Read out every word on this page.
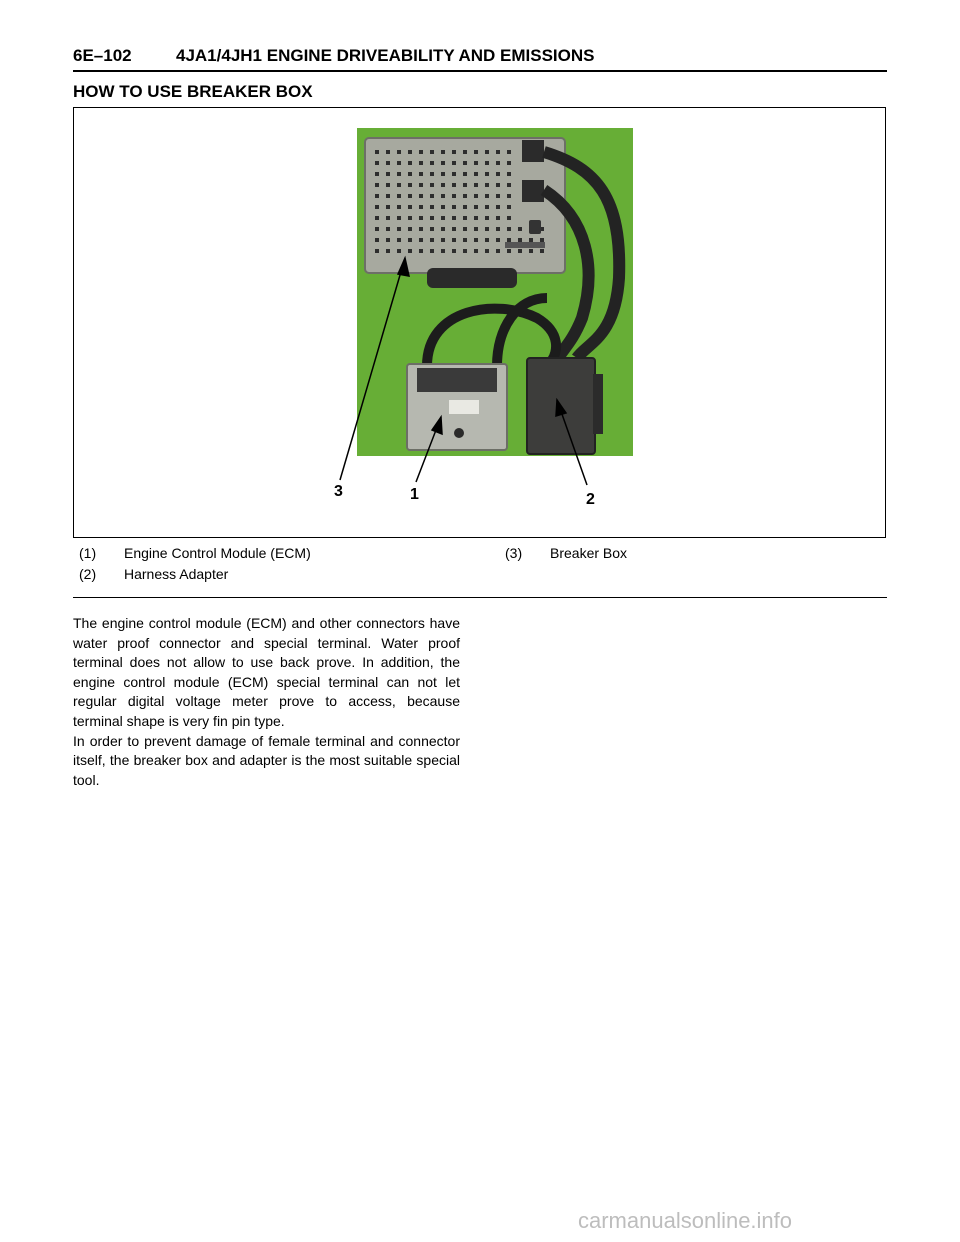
6E–102	4JA1/4JH1 ENGINE DRIVEABILITY AND EMISSIONS
HOW TO USE BREAKER BOX
3	1	2
(1) Engine Control Module (ECM)
(2) Harness Adapter
(3) Breaker Box

The engine control module (ECM) and other connectors have water proof connector and special terminal. Water proof terminal does not allow to use back prove. In addition, the engine control module (ECM) special terminal can not let regular digital voltage meter prove to access, because terminal shape is very fin pin type.

In order to prevent damage of female terminal and connector itself, the breaker box and adapter is the most suitable special tool.

carmanualsonline.info
